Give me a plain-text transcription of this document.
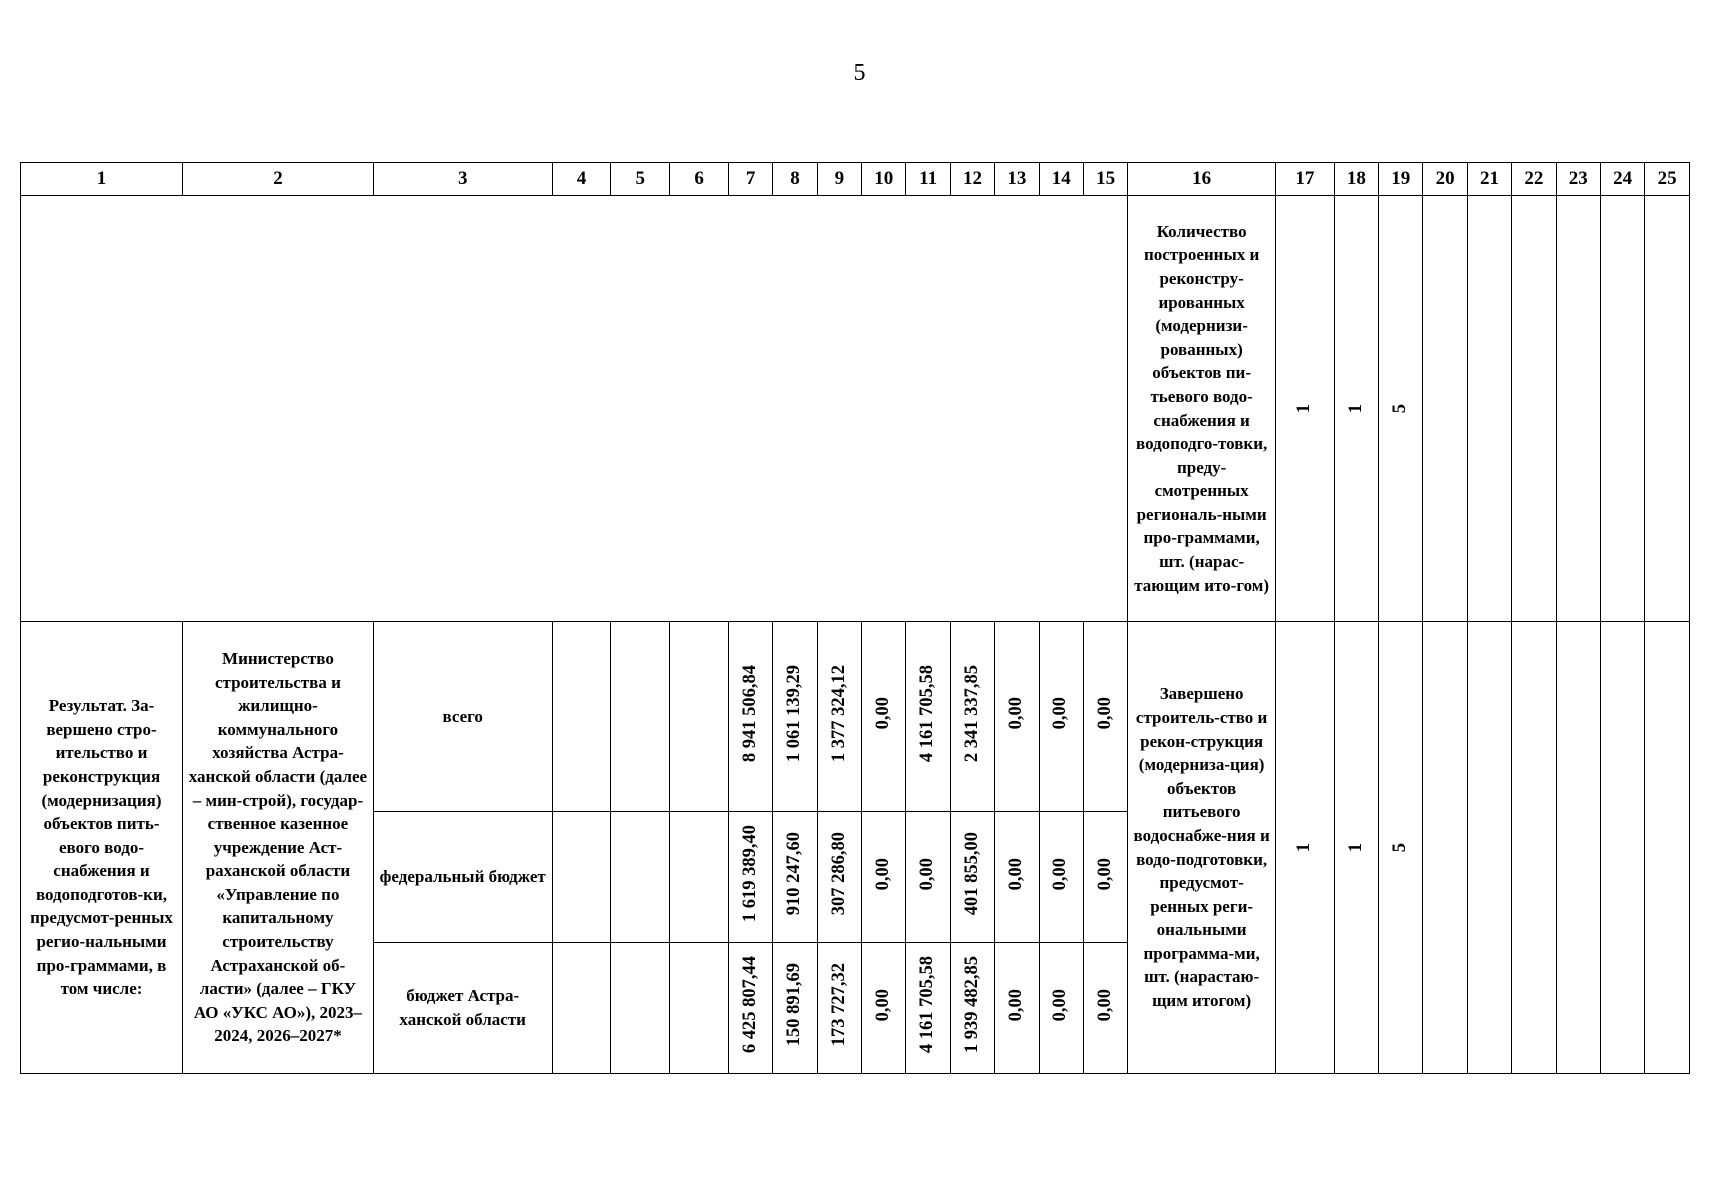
5
1	2	3	4	5	6	7	8	9	10	11	12	13	14	15	16	17	18	19	20	21	22	23	24	25
															Количество построенных и реконстру-ированных (модернизи-рованных) объектов пи-тьевого водо-снабжения и водоподго-товки, преду-смотренных региональ-ными про-граммами, шт. (нарас-тающим ито-гом)	1	1	5						
Результат. За-вершено стро-ительство и реконструкция (модернизация) объектов пить-евого водо-снабжения и водоподготов-ки, предусмот-ренных регио-нальными про-граммами, в том числе:	Министерство строительства и жилищно-коммунального хозяйства Астра-ханской области (далее – мин-строй), государ-ственное казенное учреждение Аст-раханской области «Управление по капитальному строительству Астраханской об-ласти» (далее – ГКУ АО «УКС АО»), 2023–2024, 2026–2027*	всего				8 941 506,84	1 061 139,29	1 377 324,12	0,00	4 161 705,58	2 341 337,85	0,00	0,00	0,00	Завершено строитель-ство и рекон-струкция (модерниза-ция) объектов питьевого водоснабже-ния и водо-подготовки, предусмот-ренных реги-ональными программа-ми, шт. (нарастаю-щим итогом)	1	1	5						
		федеральный бюджет				1 619 389,40	910 247,60	307 286,80	0,00	0,00	401 855,00	0,00	0,00	0,00										
		бюджет Астра-ханской области				6 425 807,44	150 891,69	173 727,32	0,00	4 161 705,58	1 939 482,85	0,00	0,00	0,00										
